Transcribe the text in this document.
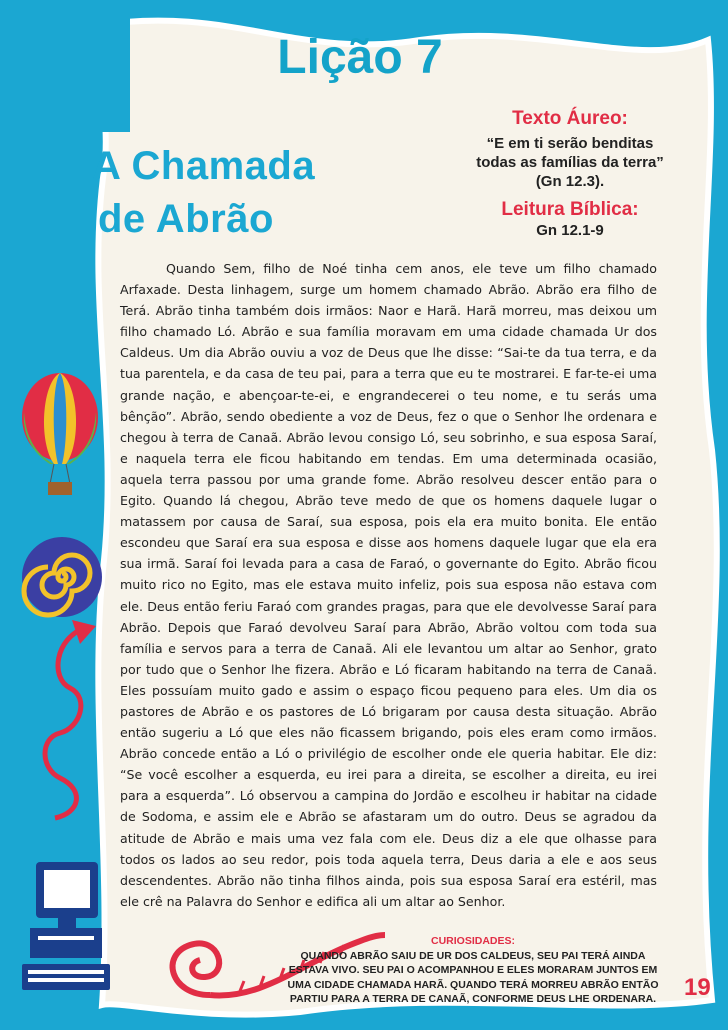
Lição 7
A Chamada
de Abrão
Texto Áureo:
“E em ti serão benditas
todas as famílias da terra”
(Gn 12.3).
Leitura Bíblica:
Gn 12.1-9

Quando Sem, filho de Noé tinha cem anos, ele teve um filho chamado Arfaxade. Desta linhagem, surge um homem chamado Abrão. Abrão era filho de Terá. Abrão tinha também dois irmãos: Naor e Harã. Harã morreu, mas deixou um filho chamado Ló. Abrão e sua família moravam em uma cidade chamada Ur dos Caldeus. Um dia Abrão ouviu a voz de Deus que lhe disse: “Sai-te da tua terra, e da tua parentela, e da casa de teu pai, para a terra que eu te mostrarei. E far-te-ei uma grande nação, e abençoar-te-ei, e engrandecerei o teu nome, e tu serás uma bênção”. Abrão, sendo obediente a voz de Deus, fez o que o Senhor lhe ordenara e chegou à terra de Canaã. Abrão levou consigo Ló, seu sobrinho, e sua esposa Saraí, e naquela terra ele ficou habitando em tendas. Em uma determinada ocasião, aquela terra passou por uma grande fome. Abrão resolveu descer então para o Egito. Quando lá chegou, Abrão teve medo de que os homens daquele lugar o matassem por causa de Saraí, sua esposa, pois ela era muito bonita. Ele então escondeu que Saraí era sua esposa e disse aos homens daquele lugar que ela era sua irmã. Saraí foi levada para a casa de Faraó, o governante do Egito. Abrão ficou muito rico no Egito, mas ele estava muito infeliz, pois sua esposa não estava com ele. Deus então feriu Faraó com grandes pragas, para que ele devolvesse Saraí para Abrão. Depois que Faraó devolveu Saraí para Abrão, Abrão voltou com toda sua família e servos para a terra de Canaã. Ali ele levantou um altar ao Senhor, grato por tudo que o Senhor lhe fizera. Abrão e Ló ficaram habitando na terra de Canaã. Eles possuíam muito gado e assim o espaço ficou pequeno para eles. Um dia os pastores de Abrão e os pastores de Ló brigaram por causa desta situação. Abrão então sugeriu a Ló que eles não ficassem brigando, pois eles eram como irmãos. Abrão concede então a Ló o privilégio de escolher onde ele queria habitar. Ele diz: “Se você escolher a esquerda, eu irei para a direita, se escolher a direita, eu irei para a esquerda”. Ló observou a campina do Jordão e escolheu ir habitar na cidade de Sodoma, e assim ele e Abrão se afastaram um do outro. Deus se agradou da atitude de Abrão e mais uma vez fala com ele. Deus diz a ele que olhasse para todos os lados ao seu redor, pois toda aquela terra, Deus daria a ele e aos seus descendentes. Abrão não tinha filhos ainda, pois sua esposa Saraí era estéril, mas ele crê na Palavra do Senhor e edifica ali um altar ao Senhor.

CURIOSIDADES:
QUANDO ABRÃO SAIU DE UR DOS CALDEUS, SEU PAI TERÁ AINDA
ESTAVA VIVO. SEU PAI O ACOMPANHOU E ELES MORARAM JUNTOS EM
UMA CIDADE CHAMADA HARÃ. QUANDO TERÁ MORREU ABRÃO ENTÃO
PARTIU PARA A TERRA DE CANAÃ, CONFORME DEUS LHE ORDENARA.	19
